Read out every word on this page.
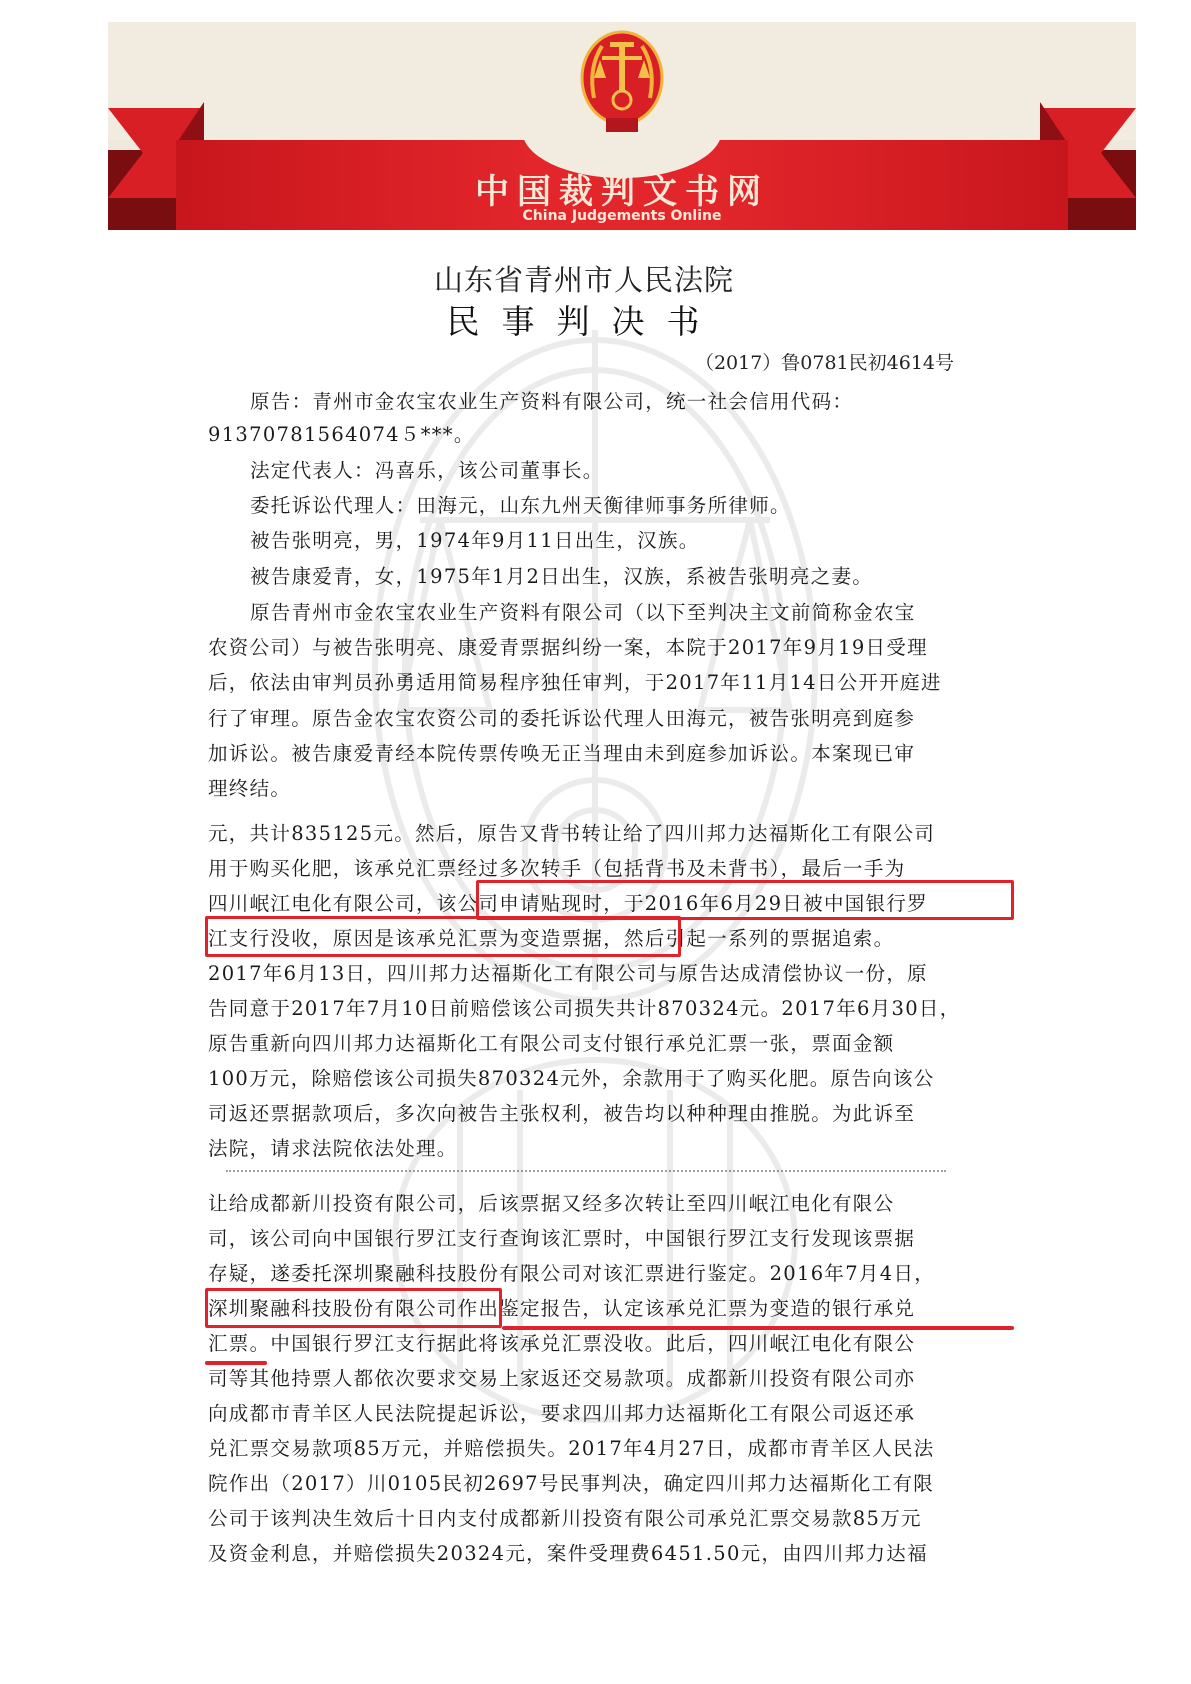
中国裁判文书网
China Judgements Online
山东省青州市人民法院
民事判决书
（2017）鲁0781民初4614号
原告：青州市金农宝农业生产资料有限公司，统一社会信用代码：
91370781564074５***。
法定代表人：冯喜乐，该公司董事长。
委托诉讼代理人：田海元，山东九州天衡律师事务所律师。
被告张明亮，男，1974年9月11日出生，汉族。
被告康爱青，女，1975年1月2日出生，汉族，系被告张明亮之妻。
原告青州市金农宝农业生产资料有限公司（以下至判决主文前简称金农宝
农资公司）与被告张明亮、康爱青票据纠纷一案，本院于2017年9月19日受理
后，依法由审判员孙勇适用简易程序独任审判，于2017年11月14日公开开庭进
行了审理。原告金农宝农资公司的委托诉讼代理人田海元，被告张明亮到庭参
加诉讼。被告康爱青经本院传票传唤无正当理由未到庭参加诉讼。本案现已审
理终结。
元，共计835125元。然后，原告又背书转让给了四川邦力达福斯化工有限公司
用于购买化肥，该承兑汇票经过多次转手（包括背书及未背书），最后一手为
四川岷江电化有限公司，该公司申请贴现时，于2016年6月29日被中国银行罗
江支行没收，原因是该承兑汇票为变造票据，然后引起一系列的票据追索。
2017年6月13日，四川邦力达福斯化工有限公司与原告达成清偿协议一份，原
告同意于2017年7月10日前赔偿该公司损失共计870324元。2017年6月30日，
原告重新向四川邦力达福斯化工有限公司支付银行承兑汇票一张，票面金额
100万元，除赔偿该公司损失870324元外，余款用于了购买化肥。原告向该公
司返还票据款项后，多次向被告主张权利，被告均以种种理由推脱。为此诉至
法院，请求法院依法处理。
让给成都新川投资有限公司，后该票据又经多次转让至四川岷江电化有限公
司，该公司向中国银行罗江支行查询该汇票时，中国银行罗江支行发现该票据
存疑，遂委托深圳聚融科技股份有限公司对该汇票进行鉴定。2016年7月4日，
深圳聚融科技股份有限公司作出鉴定报告，认定该承兑汇票为变造的银行承兑
汇票。中国银行罗江支行据此将该承兑汇票没收。此后，四川岷江电化有限公
司等其他持票人都依次要求交易上家返还交易款项。成都新川投资有限公司亦
向成都市青羊区人民法院提起诉讼，要求四川邦力达福斯化工有限公司返还承
兑汇票交易款项85万元，并赔偿损失。2017年4月27日，成都市青羊区人民法
院作出（2017）川0105民初2697号民事判决，确定四川邦力达福斯化工有限
公司于该判决生效后十日内支付成都新川投资有限公司承兑汇票交易款85万元
及资金利息，并赔偿损失20324元，案件受理费6451.50元，由四川邦力达福
